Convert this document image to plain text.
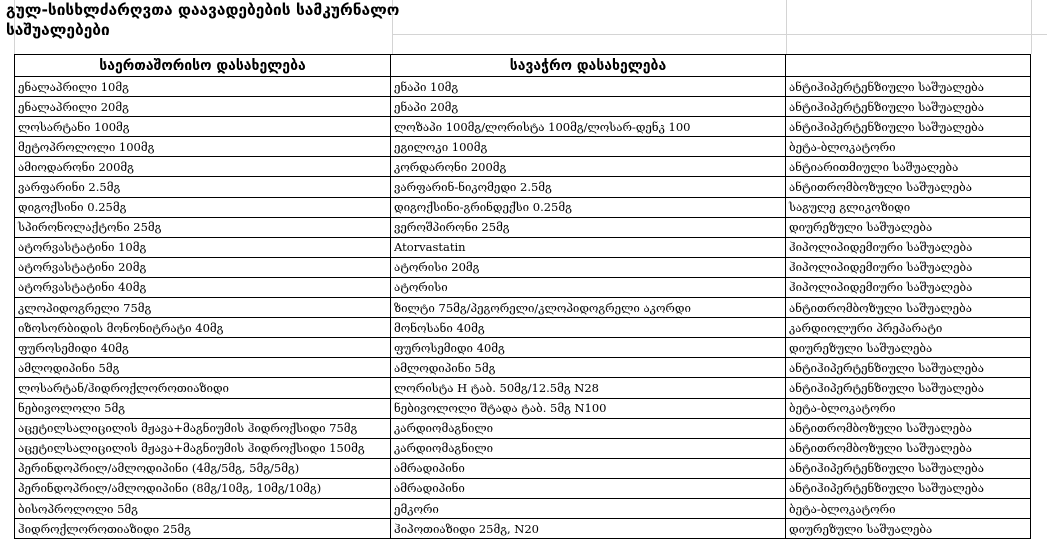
გულ-სისხლძარღვთა დაავადებების სამკურნალო საშუალებები
საერთაშორისო დასახელება	სავაჭრო დასახელება	
ენალაპრილი 10მგ	ენაპი 10მგ	ანტიჰიპერტენზიული საშუალება
ენალაპრილი 20მგ	ენაპი 20მგ	ანტიჰიპერტენზიული საშუალება
ლოსარტანი 100მგ	ლოზაპი 100მგ/ლორისტა 100მგ/ლოსარ-დენკ 100	ანტიჰიპერტენზიული საშუალება
მეტოპროლოლი 100მგ	ეგილოკი 100მგ	ბეტა-ბლოკატორი
ამიოდარონი 200მგ	კორდარონი 200მგ	ანტიარითმიული საშუალება
ვარფარინი 2.5მგ	ვარფარინ-ნიკომედი 2.5მგ	ანტითრომბოზული საშუალება
დიგოქსინი 0.25მგ	დიგოქსინი-გრინდექსი 0.25მგ	საგულე გლიკოზიდი
სპირონოლაქტონი 25მგ	ვეროშპირონი 25მგ	დიურეზული საშუალება
ატორვასტატინი 10მგ	Atorvastatin	ჰიპოლიპიდემიური საშუალება
ატორვასტატინი 20მგ	ატორისი 20მგ	ჰიპოლიპიდემიური საშუალება
ატორვასტატინი 40მგ	ატორისი	ჰიპოლიპიდემიური საშუალება
კლოპიდოგრელი 75მგ	ზილტი 75მგ/პეგორელი/კლოპიდოგრელი აკორდი	ანტითრომბოზული საშუალება
იზოსორბიდის მონონიტრატი 40მგ	მონოსანი 40მგ	კარდიოლური პრეპარატი
ფუროსემიდი 40მგ	ფუროსემიდი 40მგ	დიურეზული საშუალება
ამლოდიპინი 5მგ	ამლოდიპინი 5მგ	ანტიჰიპერტენზიული საშუალება
ლოსარტან/ჰიდროქლოროთიაზიდი	ლორისტა H ტაბ. 50მგ/12.5მგ N28	ანტიჰიპერტენზიული საშუალება
ნებივოლოლი 5მგ	ნებივოლოლი შტადა ტაბ. 5მგ N100	ბეტა-ბლოკატორი
აცეტილსალიცილის მჟავა+მაგნიუმის ჰიდროქსიდი 75მგ	კარდიომაგნილი	ანტითრომბოზული საშუალება
აცეტილსალიცილის მჟავა+მაგნიუმის ჰიდროქსიდი 150მგ	კარდიომაგნილი	ანტითრომბოზული საშუალება
პერინდოპრილ/ამლოდიპინი (4მგ/5მგ, 5მგ/5მგ)	ამრადიპინი	ანტიჰიპერტენზიული საშუალება
პერინდოპრილ/ამლოდიპინი (8მგ/10მგ, 10მგ/10მგ)	ამრადიპინი	ანტიჰიპერტენზიული საშუალება
ბისოპროლოლი 5მგ	ემკორი	ბეტა-ბლოკატორი
ჰიდროქლოროთიაზიდი 25მგ	ჰიპოთიაზიდი 25მგ, N20	დიურეზული საშუალება
